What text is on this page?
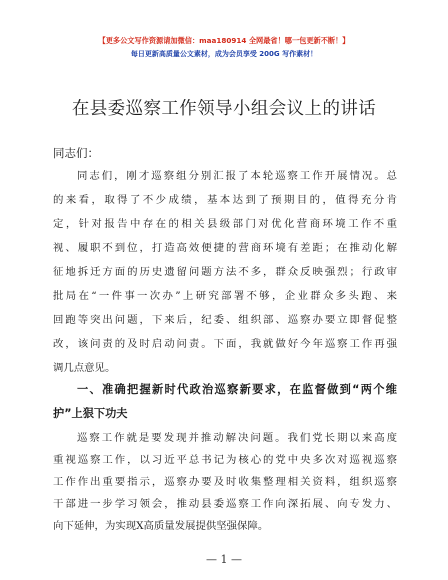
【更多公文写作资源请加微信：maa180914 全网最省！哪一包更新不断！】
每日更新高质量公文素材，成为会员享受 200G 写作素材！
在县委巡察工作领导小组会议上的讲话
同志们：
同志们，刚才巡察组分别汇报了本轮巡察工作开展情况。总
的来看，取得了不少成绩，基本达到了预期目的，值得充分肯
定，针对报告中存在的相关县级部门对优化营商环境工作不重
视、履职不到位，打造高效便捷的营商环境有差距；在推动化解
征地拆迁方面的历史遗留问题方法不多，群众反映强烈；行政审
批局在“一件事一次办”上研究部署不够，企业群众多头跑、来
回跑等突出问题，下来后，纪委、组织部、巡察办要立即督促整
改，该问责的及时启动问责。下面，我就做好今年巡察工作再强
调几点意见。
一、准确把握新时代政治巡察新要求，在监督做到“两个维
护”上狠下功夫
巡察工作就是要发现并推动解决问题。我们党长期以来高度
重视巡察工作，以习近平总书记为核心的党中央多次对巡视巡察
工作作出重要指示，巡察办要及时收集整理相关资料，组织巡察
干部进一步学习领会，推动县委巡察工作向深拓展、向专发力、
向下延伸，为实现X高质量发展提供坚强保障。
— 1 —
